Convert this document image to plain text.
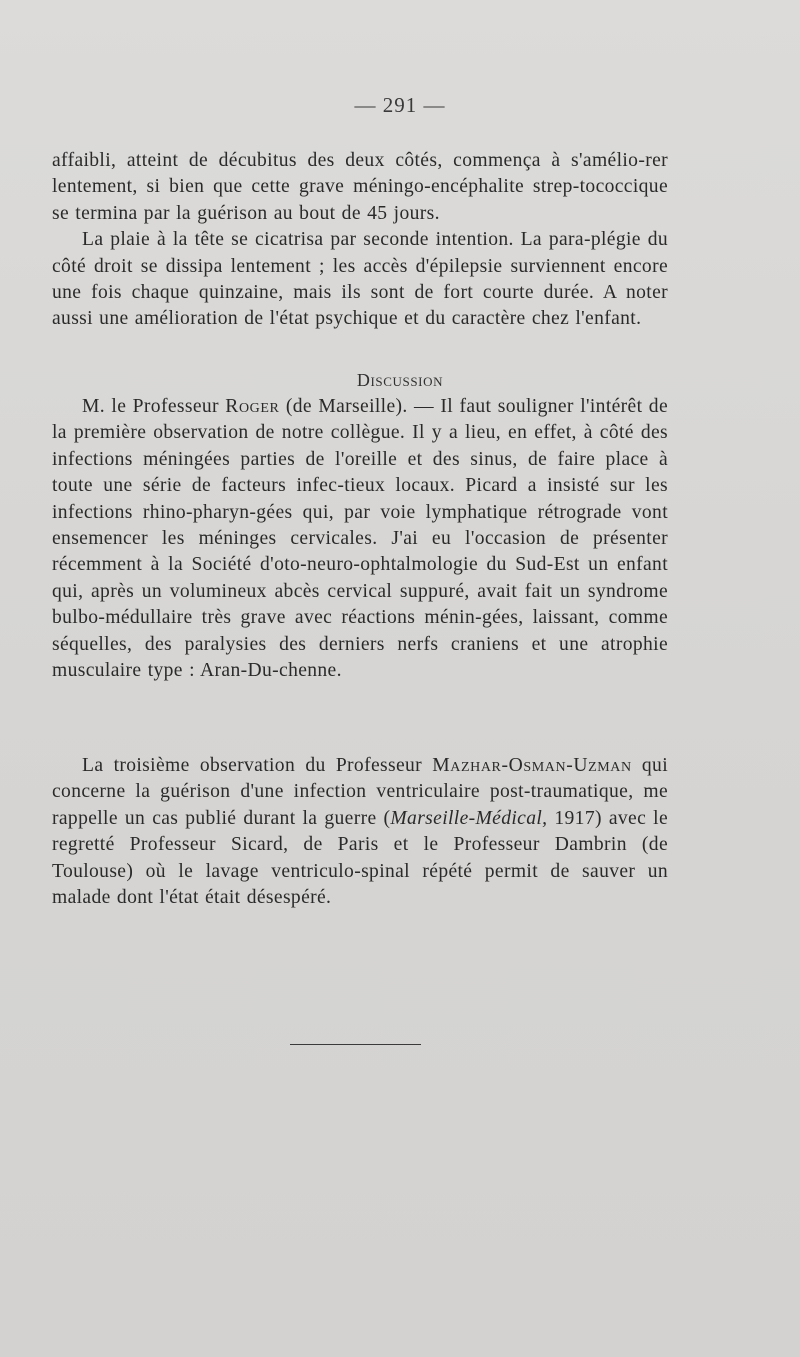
— 291 —

affaibli, atteint de décubitus des deux côtés, commença à s'amélio-rer lentement, si bien que cette grave méningo-encéphalite strep-tococcique se termina par la guérison au bout de 45 jours.

La plaie à la tête se cicatrisa par seconde intention. La para-plégie du côté droit se dissipa lentement ; les accès d'épilepsie surviennent encore une fois chaque quinzaine, mais ils sont de fort courte durée. A noter aussi une amélioration de l'état psychique et du caractère chez l'enfant.

Discussion

M. le Professeur Roger (de Marseille). — Il faut souligner l'intérêt de la première observation de notre collègue. Il y a lieu, en effet, à côté des infections méningées parties de l'oreille et des sinus, de faire place à toute une série de facteurs infec-tieux locaux. Picard a insisté sur les infections rhino-pharyn-gées qui, par voie lymphatique rétrograde vont ensemencer les méninges cervicales. J'ai eu l'occasion de présenter récemment à la Société d'oto-neuro-ophtalmologie du Sud-Est un enfant qui, après un volumineux abcès cervical suppuré, avait fait un syndrome bulbo-médullaire très grave avec réactions ménin-gées, laissant, comme séquelles, des paralysies des derniers nerfs craniens et une atrophie musculaire type : Aran-Du-chenne.

La troisième observation du Professeur Mazhar-Osman-Uzman qui concerne la guérison d'une infection ventriculaire post-traumatique, me rappelle un cas publié durant la guerre (Marseille-Médical, 1917) avec le regretté Professeur Sicard, de Paris et le Professeur Dambrin (de Toulouse) où le lavage ventriculo-spinal répété permit de sauver un malade dont l'état était désespéré.
